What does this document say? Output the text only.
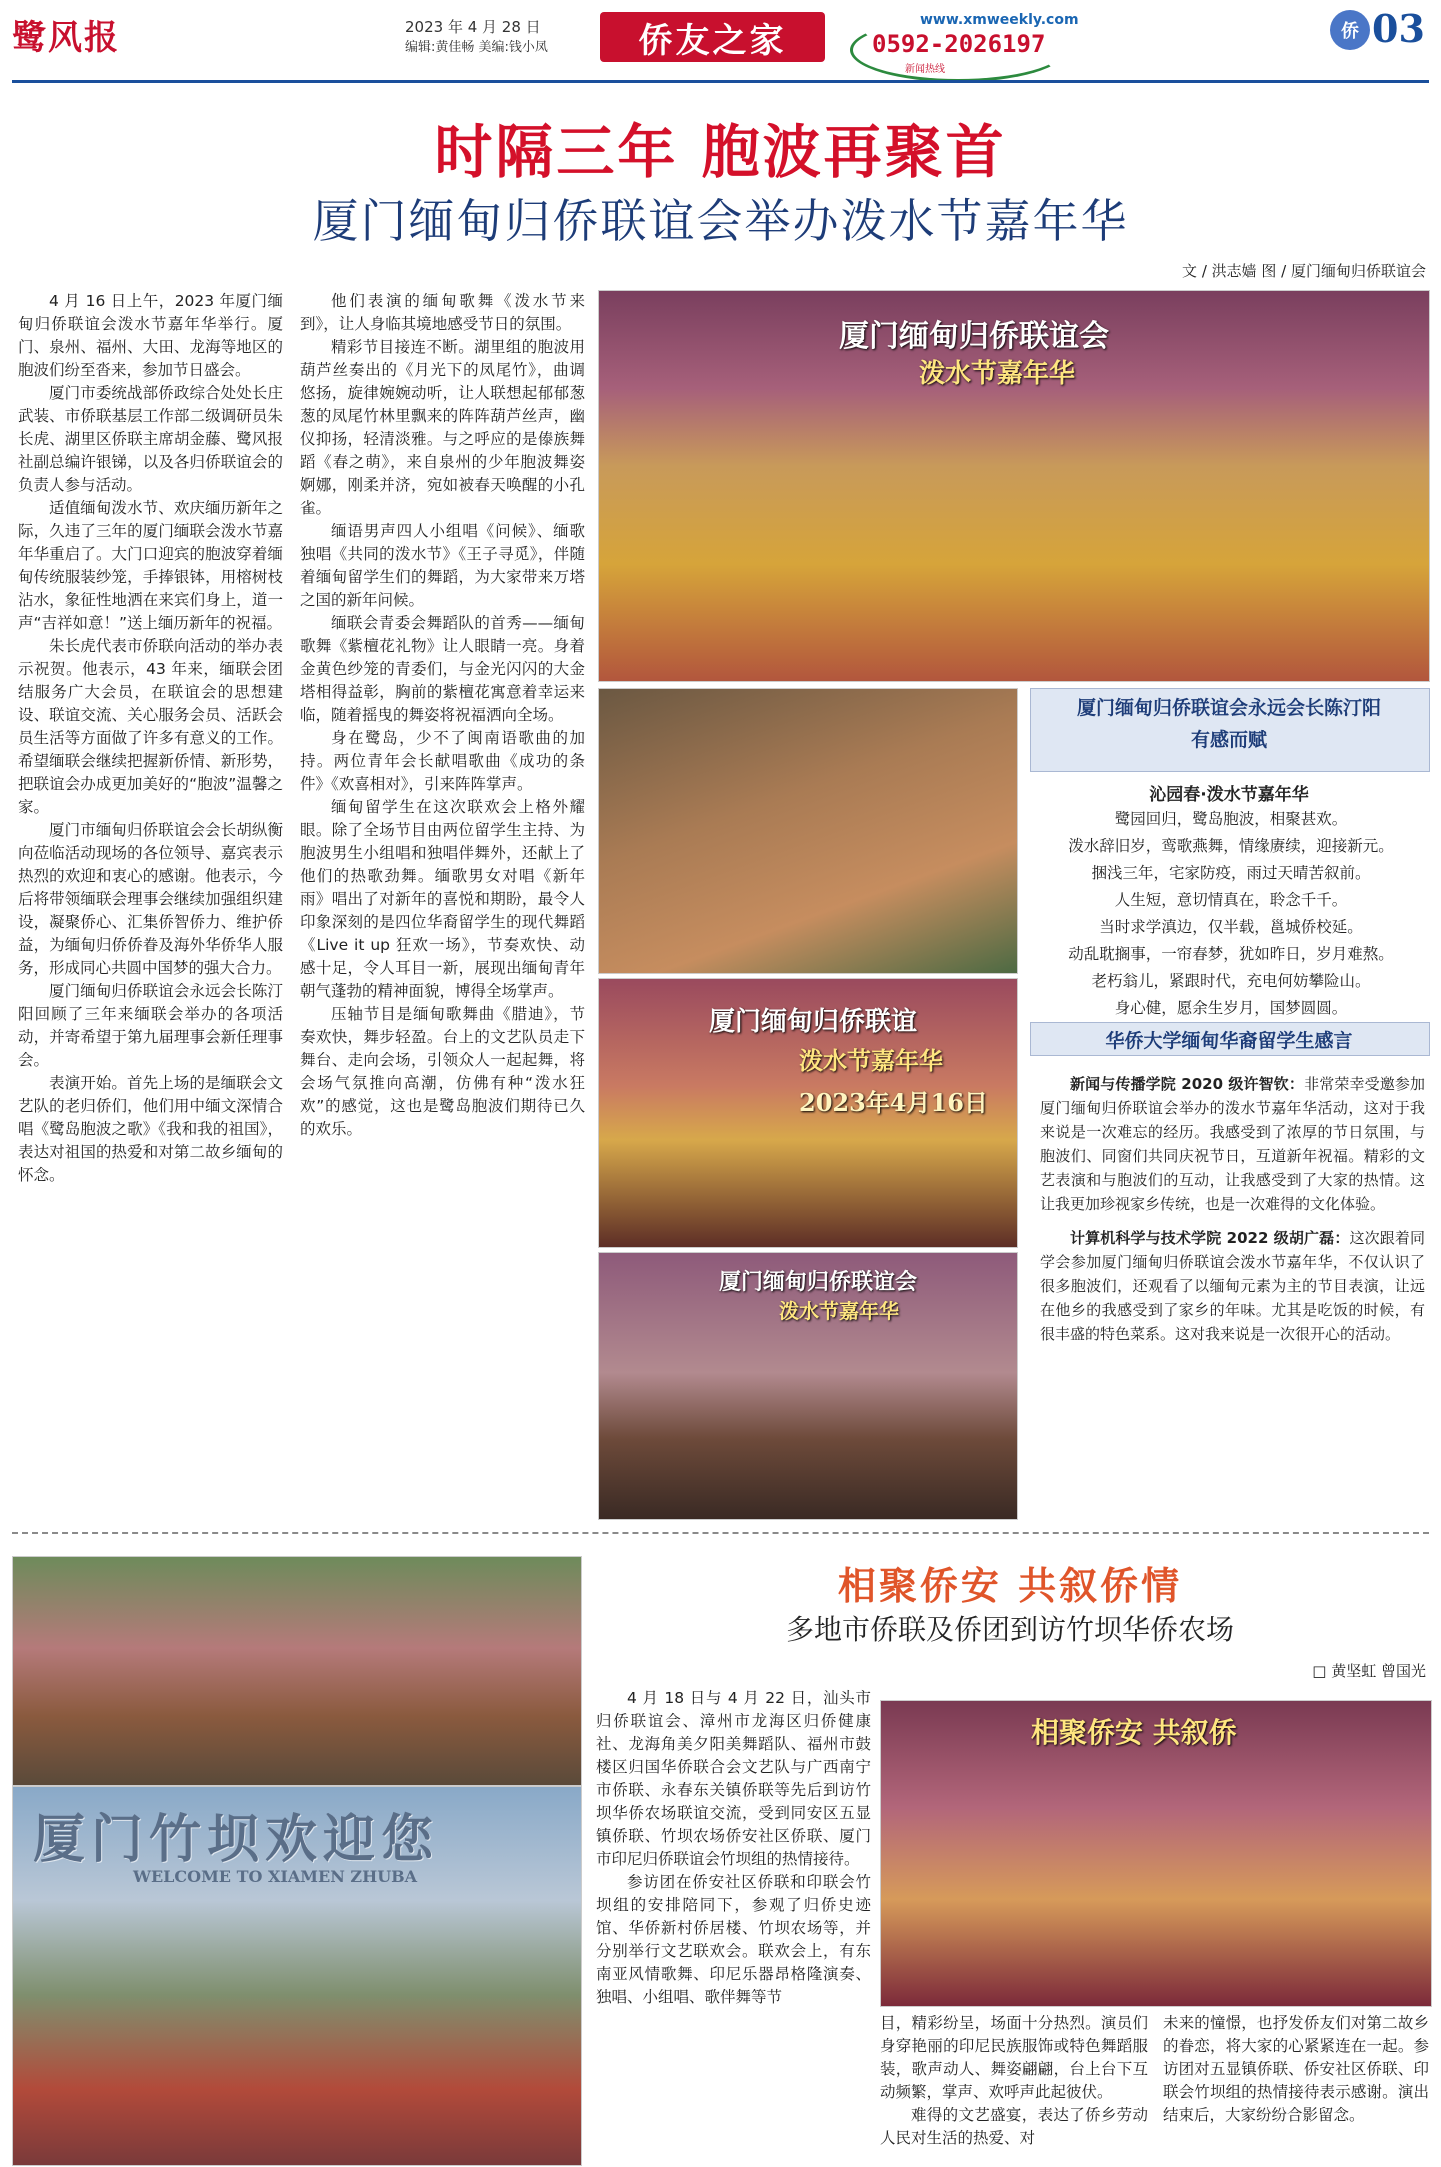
鹭风报	2023 年 4 月 28 日
编辑:黄佳畅 美编:钱小凤	侨友之家
www.xmweekly.com
0592-2026197
新闻热线
侨 03
时隔三年 胞波再聚首
厦门缅甸归侨联谊会举办泼水节嘉年华
文 / 洪志嫱 图 / 厦门缅甸归侨联谊会

4 月 16 日上午，2023 年厦门缅甸归侨联谊会泼水节嘉年华举行。厦门、泉州、福州、大田、龙海等地区的胞波们纷至沓来，参加节日盛会。

厦门市委统战部侨政综合处处长庄武装、市侨联基层工作部二级调研员朱长虎、湖里区侨联主席胡金藤、鹭风报社副总编许银锑，以及各归侨联谊会的负责人参与活动。

适值缅甸泼水节、欢庆缅历新年之际，久违了三年的厦门缅联会泼水节嘉年华重启了。大门口迎宾的胞波穿着缅甸传统服装纱笼，手捧银钵，用榕树枝沾水，象征性地洒在来宾们身上，道一声“吉祥如意！”送上缅历新年的祝福。

朱长虎代表市侨联向活动的举办表示祝贺。他表示，43 年来，缅联会团结服务广大会员，在联谊会的思想建设、联谊交流、关心服务会员、活跃会员生活等方面做了许多有意义的工作。希望缅联会继续把握新侨情、新形势，把联谊会办成更加美好的“胞波”温馨之家。

厦门市缅甸归侨联谊会会长胡纵衡向莅临活动现场的各位领导、嘉宾表示热烈的欢迎和衷心的感谢。他表示，今后将带领缅联会理事会继续加强组织建设，凝聚侨心、汇集侨智侨力、维护侨益，为缅甸归侨侨眷及海外华侨华人服务，形成同心共圆中国梦的强大合力。

厦门缅甸归侨联谊会永远会长陈汀阳回顾了三年来缅联会举办的各项活动，并寄希望于第九届理事会新任理事会。

表演开始。首先上场的是缅联会文艺队的老归侨们，他们用中缅文深情合唱《鹭岛胞波之歌》《我和我的祖国》，表达对祖国的热爱和对第二故乡缅甸的怀念。

他们表演的缅甸歌舞《泼水节来到》，让人身临其境地感受节日的氛围。

精彩节目接连不断。湖里组的胞波用葫芦丝奏出的《月光下的凤尾竹》，曲调悠扬，旋律婉婉动听，让人联想起郁郁葱葱的凤尾竹林里飘来的阵阵葫芦丝声，幽仪抑扬，轻清淡雅。与之呼应的是傣族舞蹈《春之萌》，来自泉州的少年胞波舞姿婀娜，刚柔并济，宛如被春天唤醒的小孔雀。

缅语男声四人小组唱《问候》、缅歌独唱《共同的泼水节》《王子寻觅》，伴随着缅甸留学生们的舞蹈，为大家带来万塔之国的新年问候。

缅联会青委会舞蹈队的首秀——缅甸歌舞《紫檀花礼物》让人眼睛一亮。身着金黄色纱笼的青委们，与金光闪闪的大金塔相得益彰，胸前的紫檀花寓意着幸运来临，随着摇曳的舞姿将祝福洒向全场。

身在鹭岛，少不了闽南语歌曲的加持。两位青年会长献唱歌曲《成功的条件》《欢喜相对》，引来阵阵掌声。

缅甸留学生在这次联欢会上格外耀眼。除了全场节目由两位留学生主持、为胞波男生小组唱和独唱伴舞外，还献上了他们的热歌劲舞。缅歌男女对唱《新年雨》唱出了对新年的喜悦和期盼，最令人印象深刻的是四位华裔留学生的现代舞蹈《Live it up 狂欢一场》，节奏欢快、动感十足，令人耳目一新，展现出缅甸青年朝气蓬勃的精神面貌，博得全场掌声。

压轴节目是缅甸歌舞曲《腊迪》，节奏欢快，舞步轻盈。台上的文艺队员走下舞台、走向会场，引领众人一起起舞，将会场气氛推向高潮，仿佛有种“泼水狂欢”的感觉，这也是鹭岛胞波们期待已久的欢乐。

厦门缅甸归侨联谊会
泼水节嘉年华
厦门缅甸归侨联谊
泼水节嘉年华
2023年4月16日
厦门缅甸归侨联谊会
泼水节嘉年华
厦门缅甸归侨联谊会永远会长陈汀阳
有感而赋
沁园春·泼水节嘉年华
鹭园回归，鹭岛胞波，相聚甚欢。
泼水辞旧岁，鸾歌燕舞，情缘赓续，迎接新元。
捆浅三年，宅家防疫，雨过天晴苦叙前。
人生短，意切情真在，聆念千千。
当时求学滇边，仅半载，邕城侨校延。
动乱耽搁事，一帘春梦，犹如昨日，岁月难熬。
老朽翁儿，紧跟时代，充电何妨攀险山。
身心健，愿余生岁月，国梦圆圆。
华侨大学缅甸华裔留学生感言

新闻与传播学院 2020 级许智钦：非常荣幸受邀参加厦门缅甸归侨联谊会举办的泼水节嘉年华活动，这对于我来说是一次难忘的经历。我感受到了浓厚的节日氛围，与胞波们、同窗们共同庆祝节日，互道新年祝福。精彩的文艺表演和与胞波们的互动，让我感受到了大家的热情。这让我更加珍视家乡传统，也是一次难得的文化体验。

计算机科学与技术学院 2022 级胡广磊：这次跟着同学会参加厦门缅甸归侨联谊会泼水节嘉年华，不仅认识了很多胞波们，还观看了以缅甸元素为主的节目表演，让远在他乡的我感受到了家乡的年味。尤其是吃饭的时候，有很丰盛的特色菜系。这对我来说是一次很开心的活动。

厦门竹坝欢迎您
WELCOME TO XIAMEN ZHUBA
相聚侨安 共叙侨
相聚侨安 共叙侨情
多地市侨联及侨团到访竹坝华侨农场
□ 黄坚虹 曾国光

4 月 18 日与 4 月 22 日，汕头市归侨联谊会、漳州市龙海区归侨健康社、龙海角美夕阳美舞蹈队、福州市鼓楼区归国华侨联合会文艺队与广西南宁市侨联、永春东关镇侨联等先后到访竹坝华侨农场联谊交流，受到同安区五显镇侨联、竹坝农场侨安社区侨联、厦门市印尼归侨联谊会竹坝组的热情接待。

参访团在侨安社区侨联和印联会竹坝组的安排陪同下，参观了归侨史迹馆、华侨新村侨居楼、竹坝农场等，并分别举行文艺联欢会。联欢会上，有东南亚风情歌舞、印尼乐器昂格隆演奏、独唱、小组唱、歌伴舞等节

目，精彩纷呈，场面十分热烈。演员们身穿艳丽的印尼民族服饰或特色舞蹈服装，歌声动人、舞姿翩翩，台上台下互动频繁，掌声、欢呼声此起彼伏。

难得的文艺盛宴，表达了侨乡劳动人民对生活的热爱、对

未来的憧憬，也抒发侨友们对第二故乡的眷恋，将大家的心紧紧连在一起。参访团对五显镇侨联、侨安社区侨联、印联会竹坝组的热情接待表示感谢。演出结束后，大家纷纷合影留念。
